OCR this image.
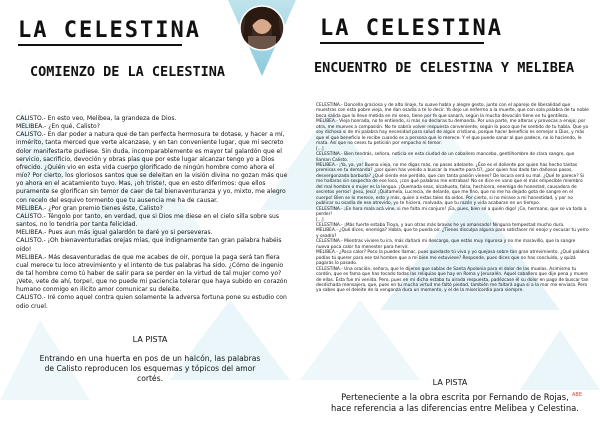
LA CELESTINA
COMIENZO DE LA CELESTINA

CALISTO.- En esto veo, Melibea, la grandeza de Dios.

MELIBEA.- ¿En qué, Calisto?

CALISTO.- En dar poder a natura que de tan perfecta hermosura te dotase, y hacer a mí, inmérito, tanta merced que verte alcanzase, y en tan conveniente lugar, que mi secreto dolor manifestarte pudiese. Sin duda, incomparablemente es mayor tal galardón que el servicio, sacrificio, devoción y obras pías que por este lugar alcanzar tengo yo a Dios ofrecido. ¿Quién vio en esta vida cuerpo glorificado de ningún hombre como ahora el mío? Por cierto, los gloriosos santos que se deleitan en la visión divina no gozan más que yo ahora en el acatamiento tuyo. Mas, ¡oh triste!, que en esto diferimos: que ellos puramente se glorifican sin temor de caer de tal bienaventuranza y yo, mixto, me alegro con recelo del esquivo tormento que tu ausencia me ha de causar.

MELIBEA.- ¿Por gran premio tienes éste, Calisto?

CALISTO.- Téngolo por tanto, en verdad, que si Dios me diese en el cielo silla sobre sus santos, no lo tendría por tanta felicidad.

MELIBEA.- Pues aun más igual galardón te daré yo si perseveras.

CALISTO.- ¡Oh bienaventuradas orejas mías, que indignamente tan gran palabra habéis oído!

MELIBEA.- Más desaventuradas de que me acabes de oír, porque la paga será tan fiera cual merece tu loco atrevimiento y el intento de tus palabras ha sido. ¿Cómo de ingenio de tal hombre como tú haber de salir para se perder en la virtud de tal mujer como yo? ¡Vete, vete de ahí, torpe!, que no puede mi paciencia tolerar que haya subido en corazón humano conmigo en ilícito amor comunicar su deleite.

CALISTO.- Iré como aquel contra quien solamente la adversa fortuna pone su estudio con odio cruel.

LA PISTA
Entrando en una huerta en pos de un halcón, las palabras de Calisto reproducen los esquemas y tópicos del amor cortés.
LA CELESTINA
ENCUENTRO DE CELESTINA Y MELIBEA

CELESTINA.- Doncella graciosa y de alto linaje, tu suave habla y alegre gesto, junto con el aparejo de liberalidad que muestras con esta pobre vieja, me dan osadía a te lo decir. Yo dejo un enfermo a la muerte, que con sola palabra de tu noble boca salida que lo lleve metida en mi seno, tiene por fe que sanará, según la mucha devoción tiene en tu gentileza.

MELIBEA.- Vieja honrada, no te entiendo, si más no declaras tu demanda. Por una parte, me alteras y provocas a enojo; por otra, me mueves a compasión. No te sabría volver respuesta conveniente, según lo poco que he sentido de tu habla. Que yo soy dichosa si de mi palabra hay necesidad para salud de algún cristiano, porque hacer beneficio es semejar a Dios, y más que el que beneficio le recibe cuando es a persona que lo merece. Y el que puede sanar al que padece, no lo haciendo, le mata. Así que no ceses tu petición por empacho ni temor.

[...]

CELESTINA.- Bien tendrás, señora, noticia en esta ciudad de un caballero mancebo, gentilhombre de clara sangre, que llaman Calisto.

MELIBEA.- ¡Ya, ya, ya! Buena vieja, no me digas más, no pases adelante. ¿Ése es el doliente por quien has hecho tantas premisas en tu demanda? ¿por quien has venido a buscar la muerte para ti?, ¿por quien has dado tan dañosos pasos, desvergonzada barbuda? ¿Qué siente ese perdido, que con tanta pasión vienes? De locura será su mal. ¿Qué te parece? Si me hallaras sin sospecha de ese loco, ¡con qué palabras me entrabas! No se dice en vano que el más empecible miembro del mal hombre o mujer es la lengua. ¡Quemada seas, alcahueta, falsa, hechicera, enemiga de honestad, causadora de secretos yerros! ¡Jesú, Jesú! ¡Quítamela, Lucrecia, de delante, que me fino, que no me ha dejado gota de sangre en el cuerpo! Bien se lo merece, esto y más, quien a estas tales da oídos. Por cierto, si no mirase a mi honestidad, y por no publicar su osadía de ese atrevido, yo te hiciera, malvada, que tu razón y vida acabaran en un tiempo.

CELESTINA.- ¡En hora mala acá vine, si me falta mi conjuro! ¡Ea, pues, bien sé a quién digo! ¡Ce, hermano, que se va todo a perder!

[...]

CELESTINA.- ¡Más fuerte estaba Troya, y aun otras más bravas he yo amansado! Ninguna tempestad mucho dura.

MELIBEA.- ¿Qué dices, enemiga? Habla, que te pueda oír. ¿Tienes disculpa alguna para satisfacer mi enojo y excusar tu yerro y osadía?

CELESTINA.- Mientras viviere tu ira, más dañará mi descargo, que estás muy rigurosa y no me maravillo, que la sangre nueva poca calor ha menester para hervir.

MELIBEA.- ¿Poca calor? Poco la puedes llamar, pues quedaste tú viva y yo quejosa sobre tan gran atrevimiento. ¿Qué palabra podías tú querer para ese tal hombre que a mí bien me estuviese? Responde, pues dices que no has concluido, y quizá pagarás lo pasado.

CELESTINA.- Una oración, señora, que le dijeron que sabías de Santa Apolonia para el dolor de las muelas. Asimismo tu cordón, que es fama que has tocado todas las reliquias que hay en Roma y Jerusalén. Aquel caballero que dije pena y muere de ellas. Ésta fue mi venida. Pero, pues en mi dicha estaba tu airada respuesta, padézcase él su dolor en pago de buscar tan desdichada mensajera, que, pues en tu mucha virtud me faltó piedad, también me faltará agua si a la mar me enviara. Pero ya sabes que el deleite de la venganza dura un momento, y el de la misericordia para siempre.

LA PISTA
Perteneciente a la obra escrita por Fernando de Rojas, hace referencia a las diferencias entre Melibea y Celestina.
ABE
